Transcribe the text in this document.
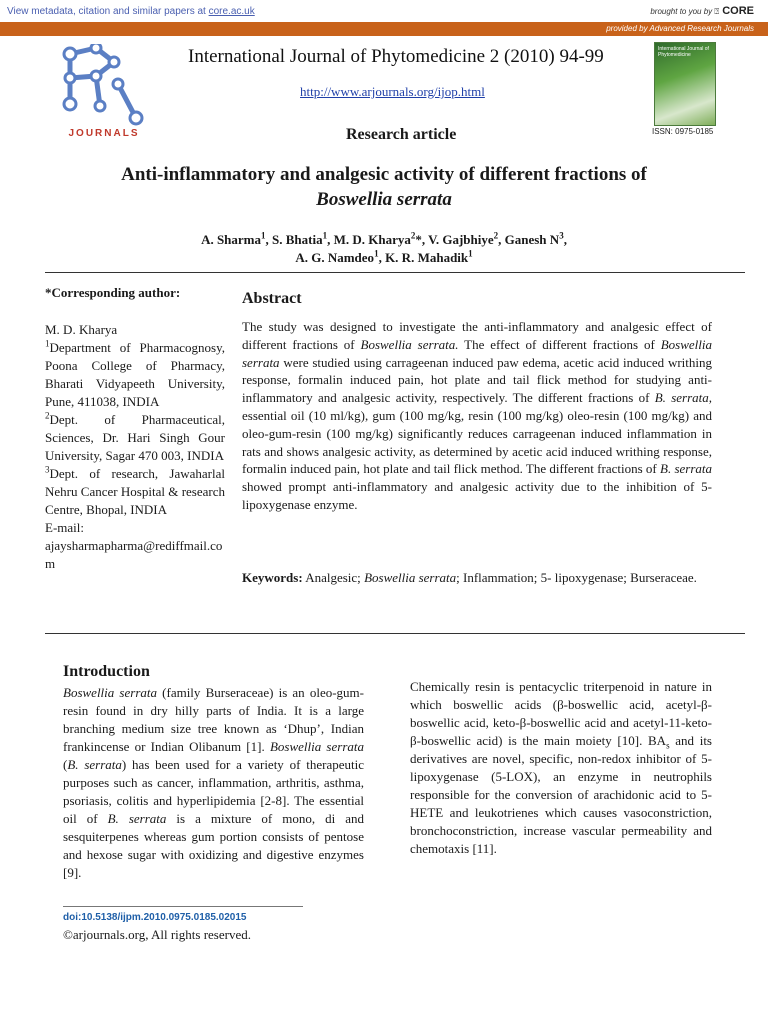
View metadata, citation and similar papers at core.ac.uk	brought to you by ⍰ CORE
provided by Advanced Research Journals
JOURNALS
International Journal of Phytomedicine 2 (2010) 94-99
http://www.arjournals.org/ijop.html
Research article
International Journal of Phytomedicine
ISSN: 0975-0185
Anti-inflammatory and analgesic activity of different fractions of
Boswellia serrata
A. Sharma$^1$, S. Bhatia$^1$, M. D. Kharya$^2$*, V. Gajbhiye$^2$, Ganesh $N^3$,
A. G. Namdeo$^1$, K. R. Mahadik$^1$
*Corresponding author:

M. D. Kharya

$^1$Department of Pharmacognosy, Poona College of Pharmacy, Bharati Vidyapeeth University, Pune, 411038, INDIA

$^2$Dept. of Pharmaceutical, Sciences, Dr. Hari Singh Gour University, Sagar 470 003, INDIA

$^3$Dept. of research, Jawaharlal Nehru Cancer Hospital & research Centre, Bhopal, INDIA

E-mail:

ajaysharmapharma@rediffmail.com

Abstract
The study was designed to investigate the anti-inflammatory and analgesic effect of different fractions of Boswellia serrata. The effect of different fractions of Boswellia serrata were studied using carrageenan induced paw edema, acetic acid induced writhing response, formalin induced pain, hot plate and tail flick method for studying anti-inflammatory and analgesic activity, respectively. The different fractions of B. serrata, essential oil (10 ml/kg), gum (100 mg/kg, resin (100 mg/kg) oleo-resin (100 mg/kg) and oleo-gum-resin (100 mg/kg) significantly reduces carrageenan induced inflammation in rats and shows analgesic activity, as determined by acetic acid induced writhing response, formalin induced pain, hot plate and tail flick method. The different fractions of B. serrata showed prompt anti-inflammatory and analgesic activity due to the inhibition of 5-lipoxygenase enzyme.
Keywords: Analgesic; Boswellia serrata; Inflammation; 5- lipoxygenase; Burseraceae.
Introduction
Boswellia serrata (family Burseraceae) is an oleo-gum-resin found in dry hilly parts of India. It is a large branching medium size tree known as ‘Dhup’, Indian frankincense or Indian Olibanum [1]. Boswellia serrata (B. serrata) has been used for a variety of therapeutic purposes such as cancer, inflammation, arthritis, asthma, psoriasis, colitis and hyperlipidemia [2-8]. The essential oil of B. serrata is a mixture of mono, di and sesquiterpenes whereas gum portion consists of pentose and hexose sugar with oxidizing and digestive enzymes [9].
Chemically resin is pentacyclic triterpenoid in nature in which boswellic acids (β-boswellic acid, acetyl-β-boswellic acid, keto-β-boswellic acid and acetyl-11-keto-β-boswellic acid) is the main moiety [10]. $BA_s$ and its derivatives are novel, specific, non-redox inhibitor of 5-lipoxygenase (5-LOX), an enzyme in neutrophils responsible for the conversion of arachidonic acid to 5- HETE and leukotrienes which causes vasoconstriction, bronchoconstriction, increase vascular permeability and chemotaxis [11].
doi:10.5138/ijpm.2010.0975.0185.02015
©arjournals.org, All rights reserved.
